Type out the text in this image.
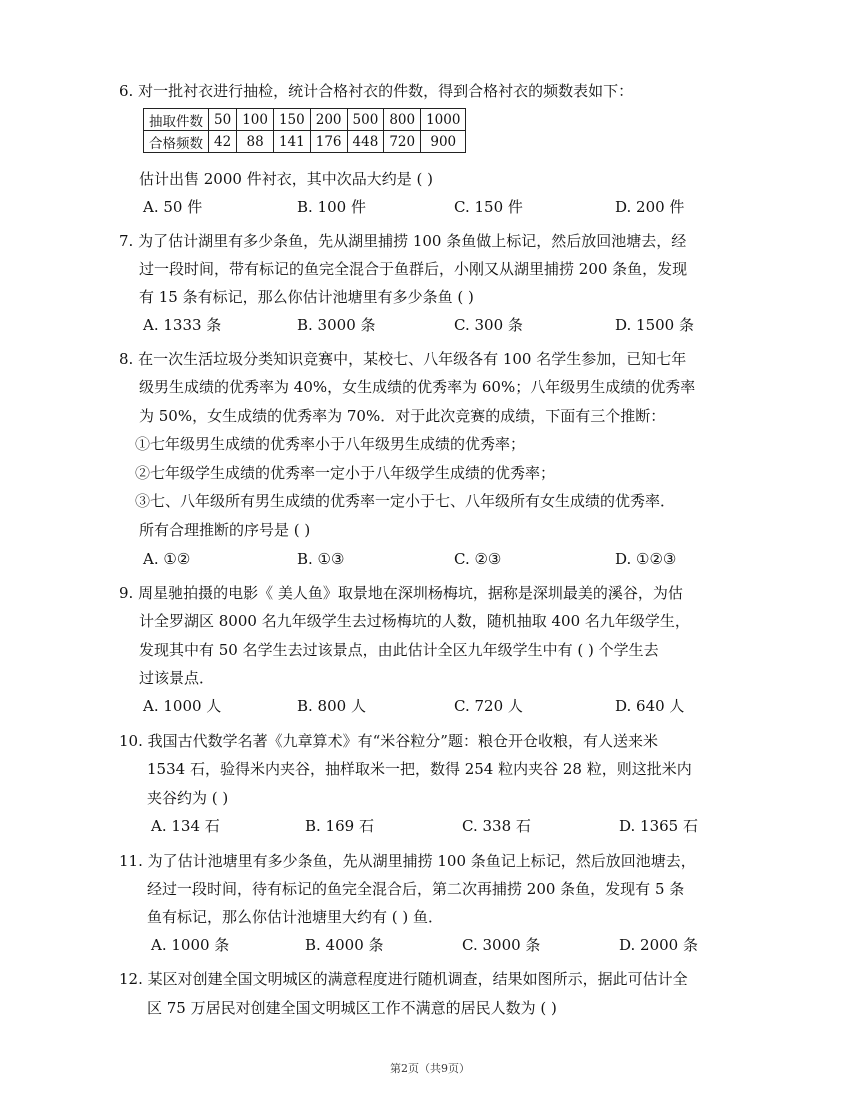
6. 对一批衬衣进行抽检，统计合格衬衣的件数，得到合格衬衣的频数表如下：
抽取件数	50	100	150	200	500	800	1000
合格频数	42	88	141	176	448	720	900
估计出售 2000 件衬衣，其中次品大约是 ( )
A. 50 件	B. 100 件	C. 150 件	D. 200 件
7. 为了估计湖里有多少条鱼，先从湖里捕捞 100 条鱼做上标记，然后放回池塘去，经
过一段时间，带有标记的鱼完全混合于鱼群后，小刚又从湖里捕捞 200 条鱼，发现
有 15 条有标记，那么你估计池塘里有多少条鱼 ( )
A. 1333 条	B. 3000 条	C. 300 条	D. 1500 条
8. 在一次生活垃圾分类知识竞赛中，某校七、八年级各有 100 名学生参加，已知七年
级男生成绩的优秀率为 40%，女生成绩的优秀率为 60%；八年级男生成绩的优秀率
为 50%，女生成绩的优秀率为 70%．对于此次竞赛的成绩，下面有三个推断：
①七年级男生成绩的优秀率小于八年级男生成绩的优秀率；
②七年级学生成绩的优秀率一定小于八年级学生成绩的优秀率；
③七、八年级所有男生成绩的优秀率一定小于七、八年级所有女生成绩的优秀率．
所有合理推断的序号是 ( )
A. ①②	B. ①③	C. ②③	D. ①②③
9. 周星驰拍摄的电影《 美人鱼》取景地在深圳杨梅坑，据称是深圳最美的溪谷，为估
计全罗湖区 8000 名九年级学生去过杨梅坑的人数，随机抽取 400 名九年级学生，
发现其中有 50 名学生去过该景点，由此估计全区九年级学生中有 ( ) 个学生去
过该景点．
A. 1000 人	B. 800 人	C. 720 人	D. 640 人
10. 我国古代数学名著《九章算术》有“米谷粒分”题：粮仓开仓收粮，有人送来米
1534 石，验得米内夹谷，抽样取米一把，数得 254 粒内夹谷 28 粒，则这批米内
夹谷约为 ( )
A. 134 石	B. 169 石	C. 338 石	D. 1365 石
11. 为了估计池塘里有多少条鱼，先从湖里捕捞 100 条鱼记上标记，然后放回池塘去，
经过一段时间，待有标记的鱼完全混合后，第二次再捕捞 200 条鱼，发现有 5 条
鱼有标记，那么你估计池塘里大约有 ( ) 鱼．
A. 1000 条	B. 4000 条	C. 3000 条	D. 2000 条
12. 某区对创建全国文明城区的满意程度进行随机调查，结果如图所示，据此可估计全
区 75 万居民对创建全国文明城区工作不满意的居民人数为 ( )
第2页（共9页）
